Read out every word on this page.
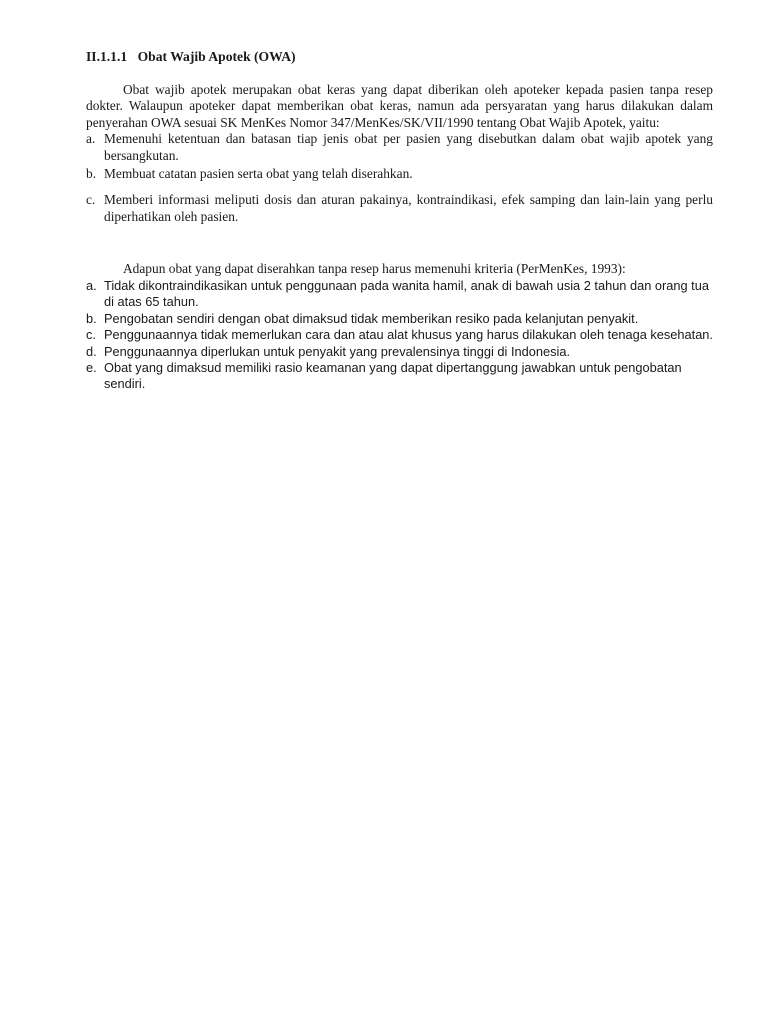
II.1.1.1 Obat Wajib Apotek (OWA)

Obat wajib apotek merupakan obat keras yang dapat diberikan oleh apoteker kepada pasien tanpa resep dokter. Walaupun apoteker dapat memberikan obat keras, namun ada persyaratan yang harus dilakukan dalam penyerahan OWA sesuai SK MenKes Nomor 347/MenKes/SK/VII/1990 tentang Obat Wajib Apotek, yaitu:

a. Memenuhi ketentuan dan batasan tiap jenis obat per pasien yang disebutkan dalam obat wajib apotek yang bersangkutan.
b. Membuat catatan pasien serta obat yang telah diserahkan.
c. Memberi informasi meliputi dosis dan aturan pakainya, kontraindikasi, efek samping dan lain-lain yang perlu diperhatikan oleh pasien.

Adapun obat yang dapat diserahkan tanpa resep harus memenuhi kriteria (PerMenKes, 1993):

a. Tidak dikontraindikasikan untuk penggunaan pada wanita hamil, anak di bawah usia 2 tahun dan orang tua di atas 65 tahun.
b. Pengobatan sendiri dengan obat dimaksud tidak memberikan resiko pada kelanjutan penyakit.
c. Penggunaannya tidak memerlukan cara dan atau alat khusus yang harus dilakukan oleh tenaga kesehatan.
d. Penggunaannya diperlukan untuk penyakit yang prevalensinya tinggi di Indonesia.
e. Obat yang dimaksud memiliki rasio keamanan yang dapat dipertanggung jawabkan untuk pengobatan sendiri.
